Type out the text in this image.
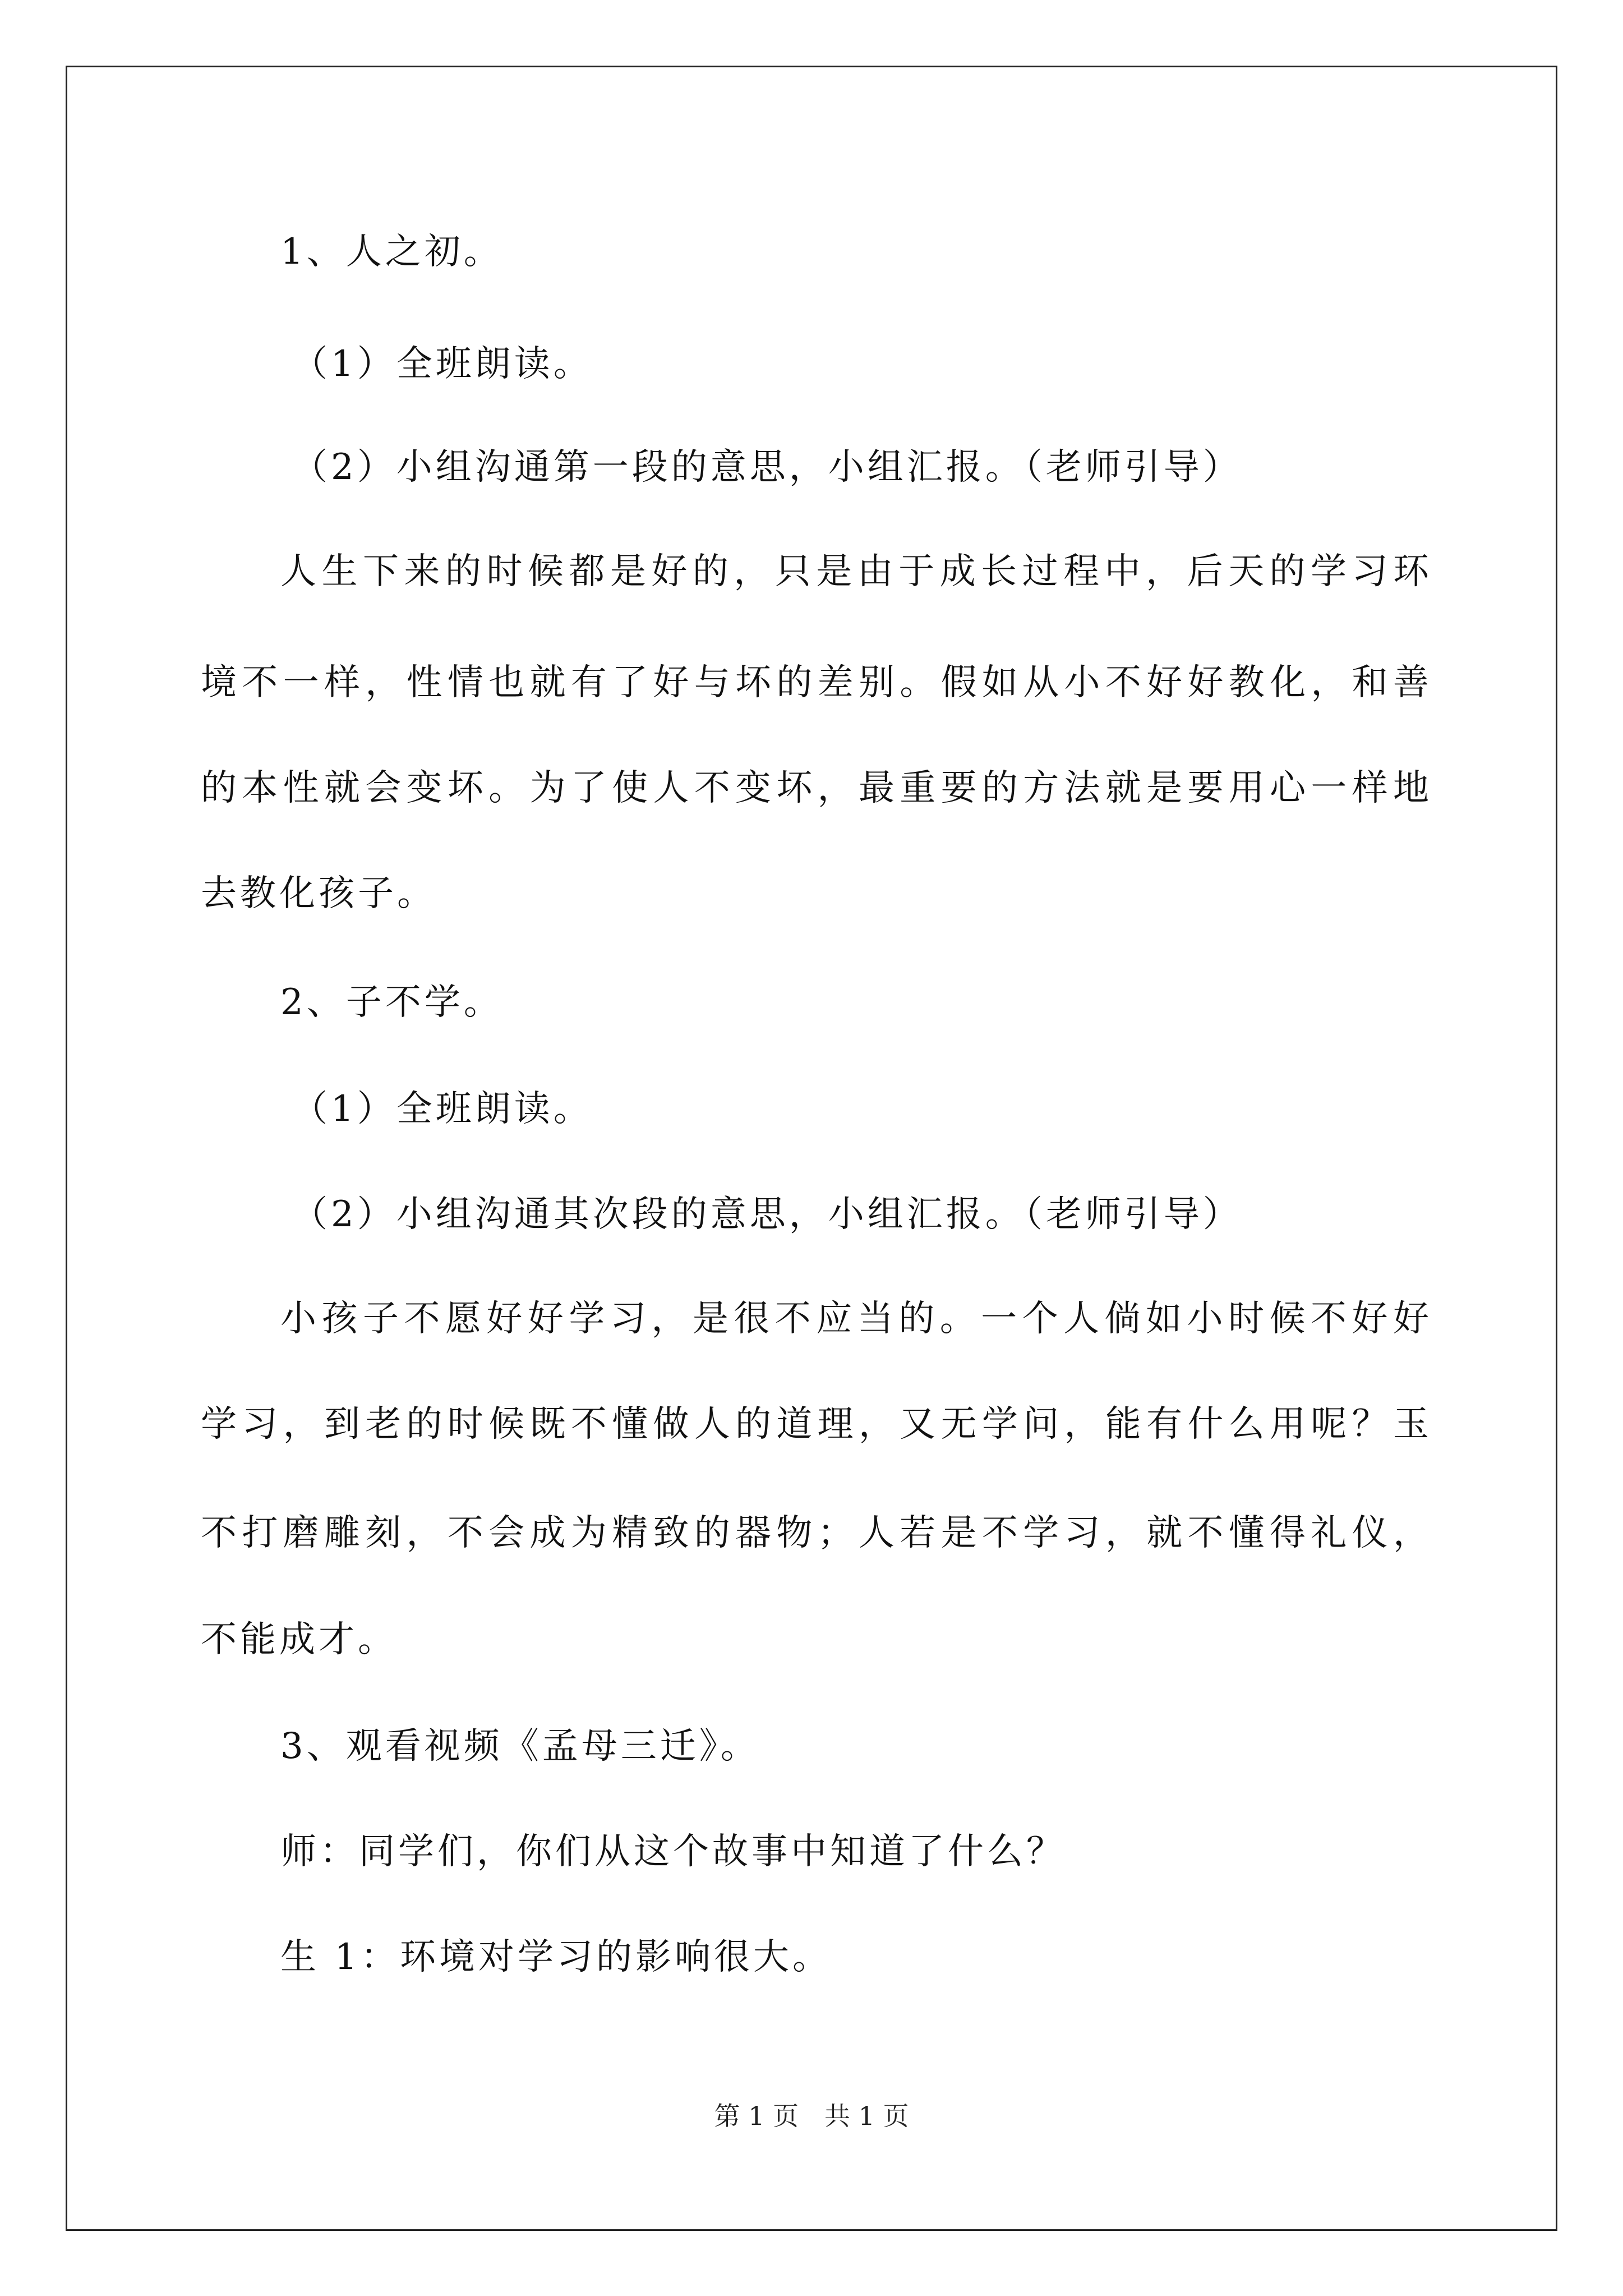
1、人之初。
（1）全班朗读。
（2）小组沟通第一段的意思，小组汇报。（老师引导）
人生下来的时候都是好的，只是由于成长过程中，后天的学习环
境不一样，性情也就有了好与坏的差别。假如从小不好好教化，和善
的本性就会变坏。为了使人不变坏，最重要的方法就是要用心一样地
去教化孩子。
2、子不学。
（1）全班朗读。
（2）小组沟通其次段的意思，小组汇报。（老师引导）
小孩子不愿好好学习，是很不应当的。一个人倘如小时候不好好
学习，到老的时候既不懂做人的道理，又无学问，能有什么用呢？玉
不打磨雕刻，不会成为精致的器物；人若是不学习，就不懂得礼仪，
不能成才。
3、观看视频《孟母三迁》。
师：同学们，你们从这个故事中知道了什么？
生 1：环境对学习的影响很大。
第 1 页　共 1 页
